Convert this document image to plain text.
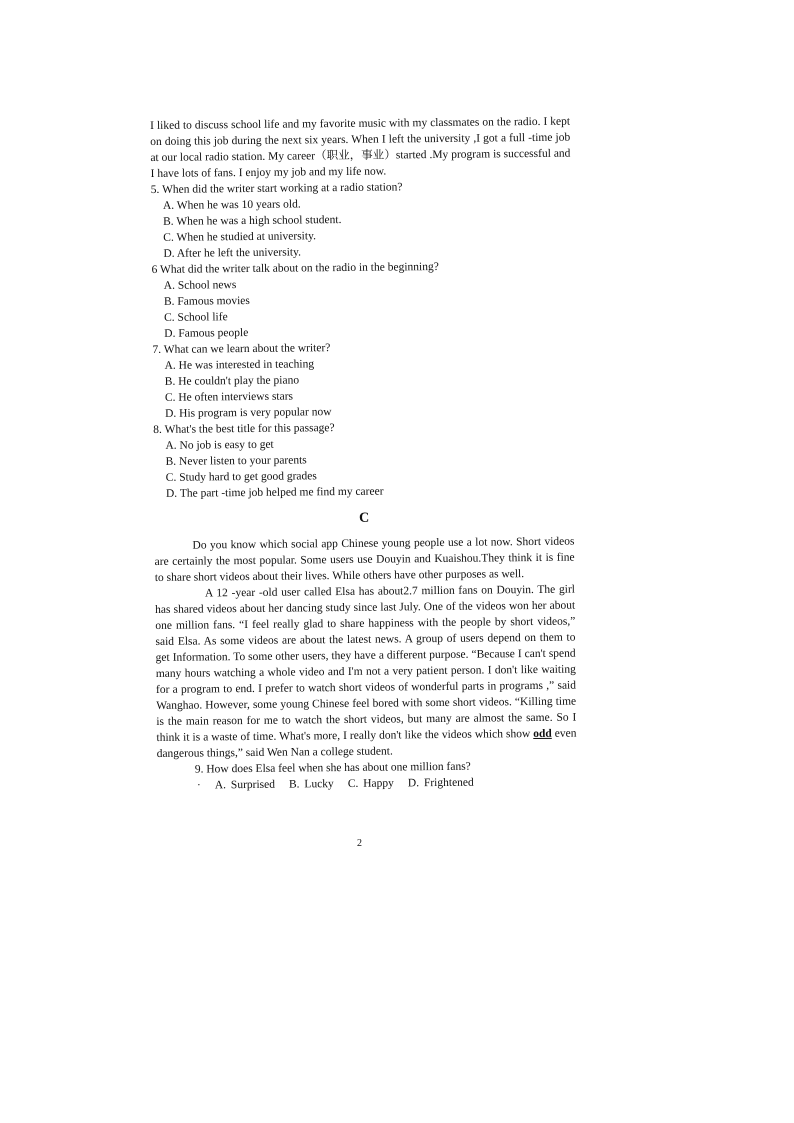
I liked to discuss school life and my favorite music with my classmates on the radio. I kept on doing this job during the next six years. When I left the university ,I got a full -time job at our local radio station. My career（职业，事业）started .My program is successful and I have lots of fans. I enjoy my job and my life now.

5. When did the writer start working at a radio station?

A. When he was 10 years old.

B. When he was a high school student.

C. When he studied at university.

D. After he left the university.

6 What did the writer talk about on the radio in the beginning?

A. School news

B. Famous movies

C. School life

D. Famous people

7. What can we learn about the writer?

A. He was interested in teaching

B. He couldn't play the piano

C. He often interviews stars

D. His program is very popular now

8. What's the best title for this passage?

A. No job is easy to get

B. Never listen to your parents

C. Study hard to get good grades

D. The part -time job helped me find my career

C

Do you know which social app Chinese young people use a lot now. Short videos are certainly the most popular. Some users use Douyin and Kuaishou.They think it is fine to share short videos about their lives. While others have other purposes as well.

A 12 -year -old user called Elsa has about2.7 million fans on Douyin. The girl has shared videos about her dancing study since last July. One of the videos won her about one million fans. “I feel really glad to share happiness with the people by short videos,” said Elsa. As some videos are about the latest news. A group of users depend on them to get Information. To some other users, they have a different purpose. “Because I can't spend many hours watching a whole video and I'm not a very patient person. I don't like waiting for a program to end. I prefer to watch short videos of wonderful parts in programs ,” said Wanghao. However, some young Chinese feel bored with some short videos. “Killing time is the main reason for me to watch the short videos, but many are almost the same. So I think it is a waste of time. What's more, I really don't like the videos which show odd even dangerous things,” said Wen Nan a college student.

9. How does Elsa feel when she has about one million fans?

· A. Surprised B. Lucky C. Happy D. Frightened

2
